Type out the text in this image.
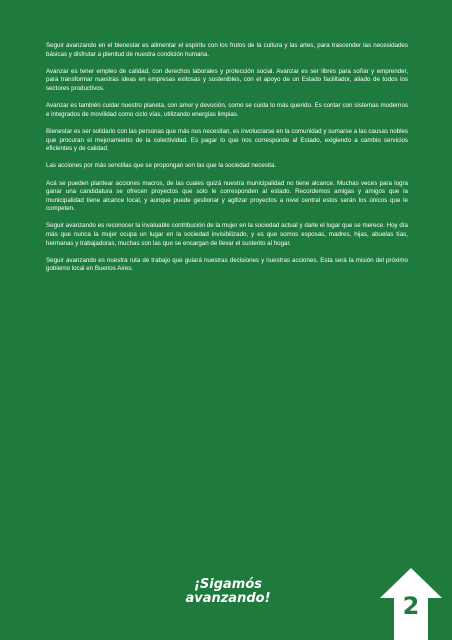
Seguir avanzando en el bienestar es alimentar el espíritu con los frutos de la cultura y las artes, para trascender las necesidades básicas y disfrutar a plenitud de nuestra condición humana.

Avanzar es tener empleo de calidad, con derechos laborales y protección social. Avanzar es ser libres para soñar y emprender, para transformar nuestras ideas en empresas exitosas y sostenibles, con el apoyo de un Estado facilitador, aliado de todos los sectores productivos.

Avanzar es también cuidar nuestro planeta, con amor y devoción, como se cuida lo más querido. Es contar con sistemas modernos e integrados de movilidad como ciclo vías, utilizando energías limpias.

Bienestar es ser solidario con las personas que más nos necesitan, es involucrarse en la comunidad y sumarse a las causas nobles que procuran el mejoramiento de la colectividad. Es pagar lo que nos corresponde al Estado, exigiendo a cambio servicios eficientes y de calidad.

Las acciones por más sencillas que se propongan son las que la sociedad necesita.

Acá se pueden plantear acciones macros, de las cuales quizá nuestra municipalidad no tiene alcance. Muchas veces para logra ganar una candidatura se ofrecen proyectos que solo le corresponden al estado. Recordemos amigas y amigos que la municipalidad tiene alcance local, y aunque puede gestionar y agilizar proyectos a nivel central estos serán los únicos que le competen.

Seguir avanzando es reconocer la invaluable contribución de la mujer en la sociedad actual y darle el lugar que se merece. Hoy día más que nunca la mujer ocupa un lugar en la sociedad invisibilizado, y es que somos esposas, madres, hijas, abuelas tías, hermanas y trabajadoras, muchas son las que se encargan de llevar el sustento al hogar.

Seguir avanzando es nuestra ruta de trabajo que guiará nuestras decisiones y nuestras acciones. Esta será la misión del próximo gobierno local en Buenos Aires.

¡Sigamós
avanzando!	2
